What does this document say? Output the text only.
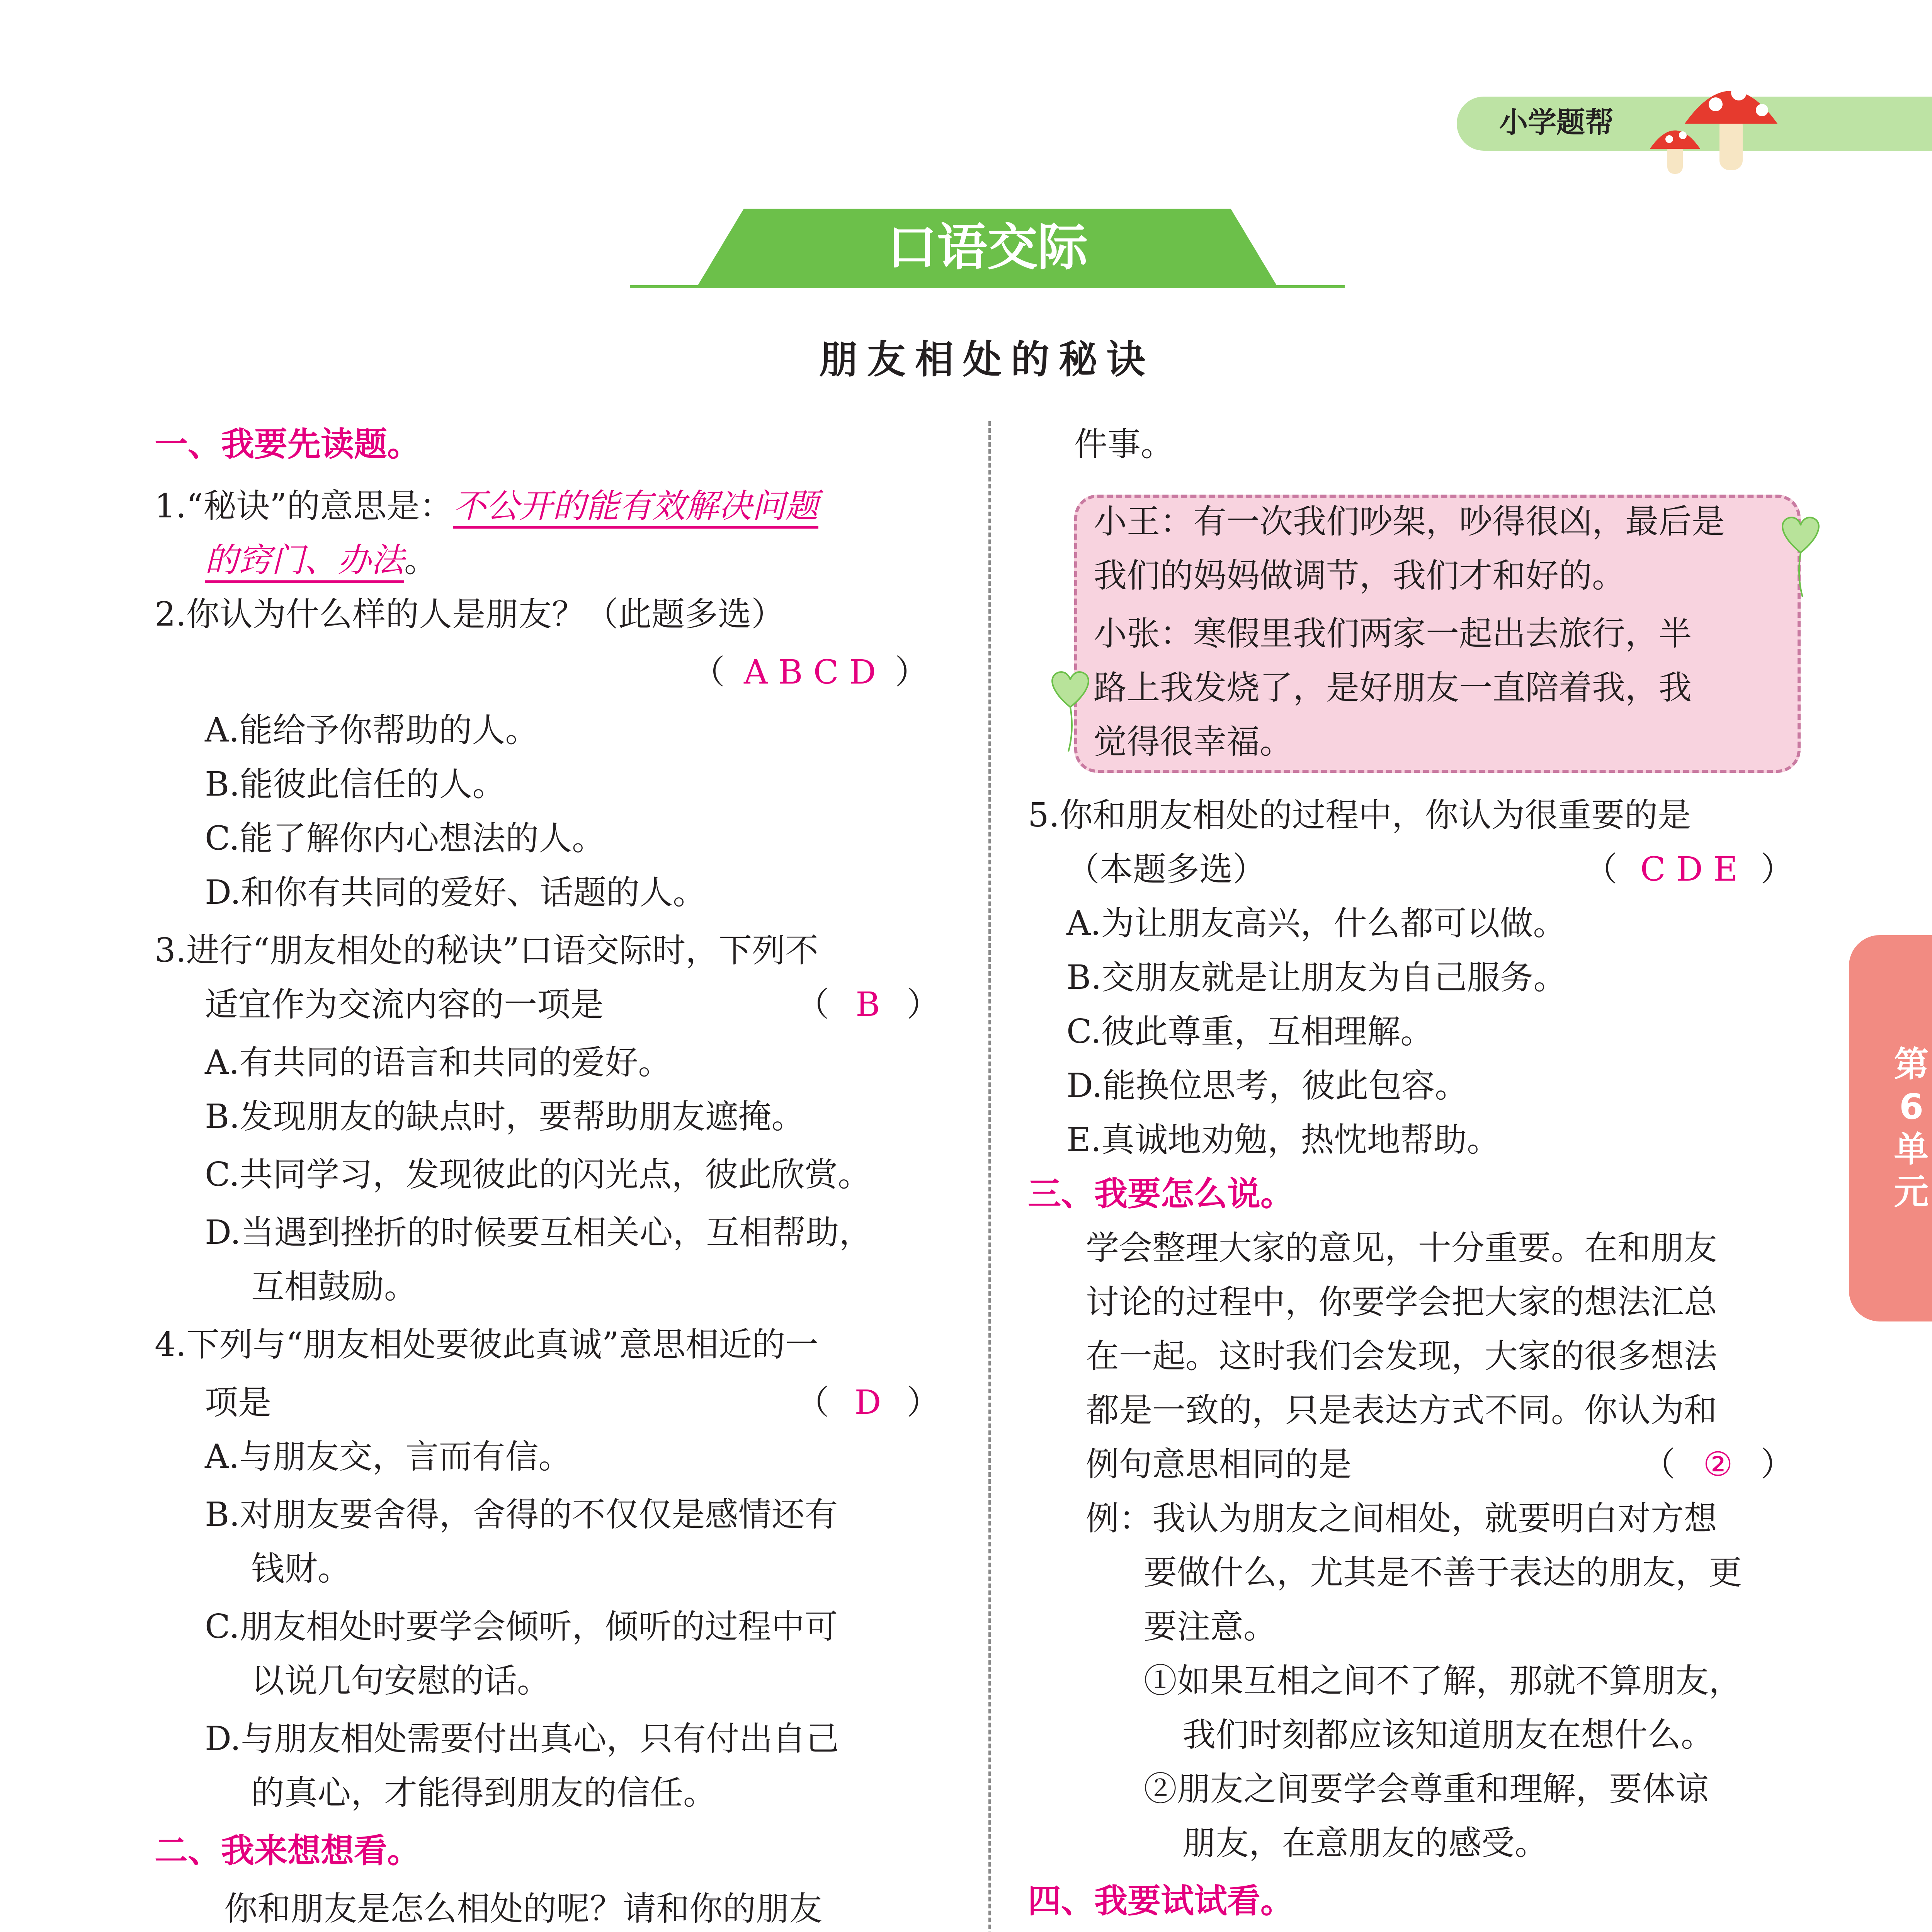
小学题帮
口语交际
朋友相处的秘诀
一、我要先读题。
1.“秘诀”的意思是：不公开的能有效解决问题
的窍门、办法。
2.你认为什么样的人是朋友？（此题多选）
（ A B C D ）
A.能给予你帮助的人。
B.能彼此信任的人。
C.能了解你内心想法的人。
D.和你有共同的爱好、话题的人。
3.进行“朋友相处的秘诀”口语交际时，下列不
适宜作为交流内容的一项是	（ B ）
A.有共同的语言和共同的爱好。
B.发现朋友的缺点时，要帮助朋友遮掩。
C.共同学习，发现彼此的闪光点，彼此欣赏。
D.当遇到挫折的时候要互相关心，互相帮助，
互相鼓励。
4.下列与“朋友相处要彼此真诚”意思相近的一
项是	（ D ）
A.与朋友交，言而有信。
B.对朋友要舍得，舍得的不仅仅是感情还有
钱财。
C.朋友相处时要学会倾听，倾听的过程中可
以说几句安慰的话。
D.与朋友相处需要付出真心，只有付出自己
的真心，才能得到朋友的信任。
二、我来想想看。
你和朋友是怎么相处的呢？请和你的朋友
件事。
小王：有一次我们吵架，吵得很凶，最后是
我们的妈妈做调节，我们才和好的。
小张：寒假里我们两家一起出去旅行，半
路上我发烧了，是好朋友一直陪着我，我
觉得很幸福。
5.你和朋友相处的过程中，你认为很重要的是
（本题多选）	（ C D E ）
A.为让朋友高兴，什么都可以做。
B.交朋友就是让朋友为自己服务。
C.彼此尊重，互相理解。
D.能换位思考，彼此包容。
E.真诚地劝勉，热忱地帮助。
三、我要怎么说。
学会整理大家的意见，十分重要。在和朋友
讨论的过程中，你要学会把大家的想法汇总
在一起。这时我们会发现，大家的很多想法
都是一致的，只是表达方式不同。你认为和
例句意思相同的是	（ ② ）
例：我认为朋友之间相处，就要明白对方想
要做什么，尤其是不善于表达的朋友，更
要注意。
①如果互相之间不了解，那就不算朋友，
我们时刻都应该知道朋友在想什么。
②朋友之间要学会尊重和理解，要体谅
朋友，在意朋友的感受。
四、我要试试看。
第
6
单
元
